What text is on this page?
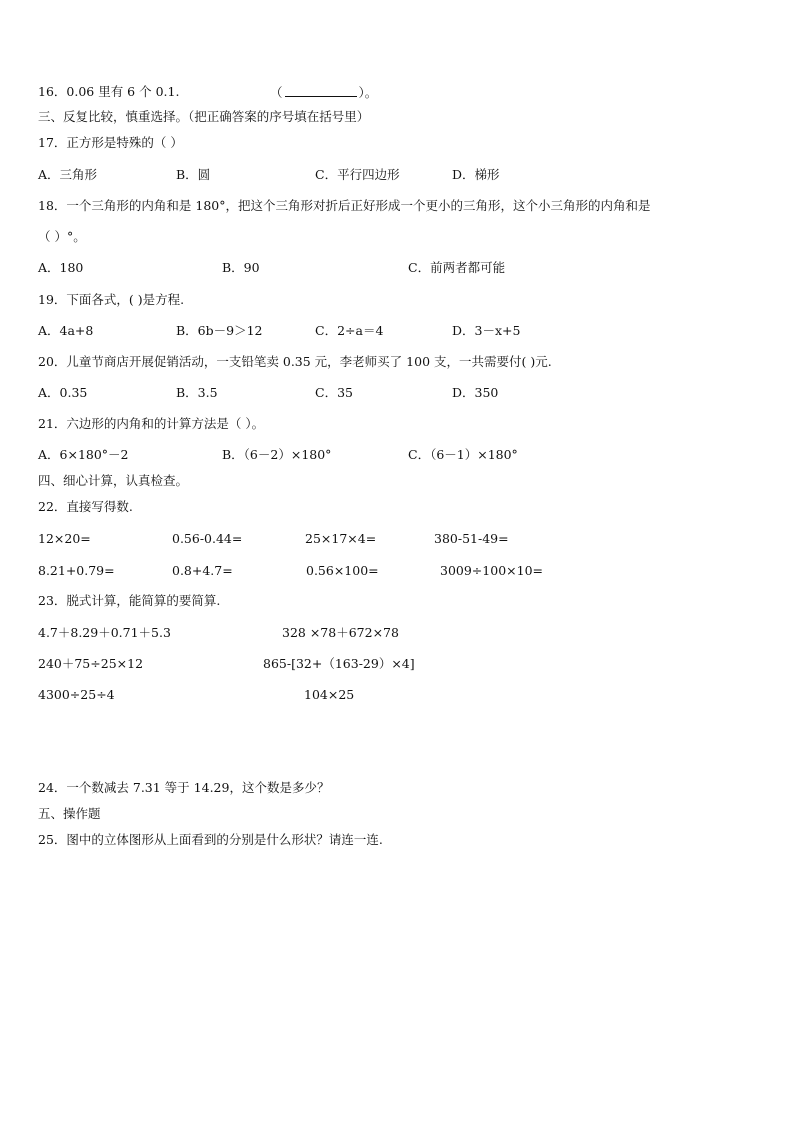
16．0.06 里有 6 个 0.1.	（	）。
三、反复比较，慎重选择。（把正确答案的序号填在括号里）
17．正方形是特殊的（ ）
A．三角形	B．圆	C．平行四边形	D．梯形
18．一个三角形的内角和是 180°，把这个三角形对折后正好形成一个更小的三角形，这个小三角形的内角和是
（ ）°。
A．180	B．90	C．前两者都可能
19．下面各式，( )是方程.
A．4a+8	B．6b－9＞12	C．2÷a＝4	D．3－x+5
20．儿童节商店开展促销活动，一支铅笔卖 0.35 元，李老师买了 100 支，一共需要付( )元.
A．0.35	B．3.5	C．35	D．350
21．六边形的内角和的计算方法是（ ）。
A．6×180°－2	B．（6－2）×180°	C．（6－1）×180°
四、细心计算，认真检查。
22．直接写得数.
12×20=	0.56-0.44=	25×17×4=	380-51-49=
8.21+0.79=	0.8+4.7=	0.56×100=	3009÷100×10=
23．脱式计算，能简算的要简算.
4.7＋8.29＋0.71＋5.3	328 ×78＋672×78
240＋75÷25×12	865-[32+（163-29）×4]
4300÷25÷4	104×25
24．一个数减去 7.31 等于 14.29，这个数是多少？
五、操作题
25．图中的立体图形从上面看到的分别是什么形状？请连一连.
